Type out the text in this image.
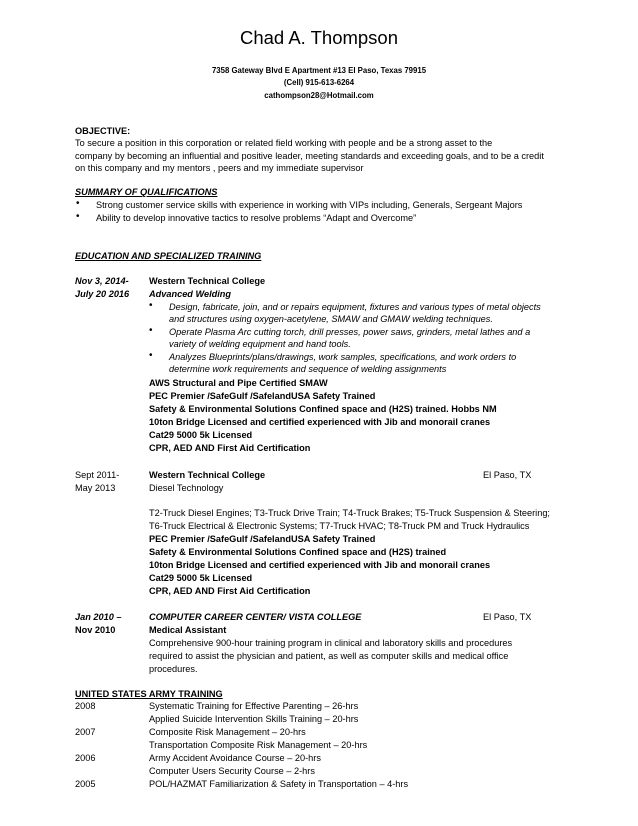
Chad A. Thompson
7358 Gateway Blvd E Apartment #13 El Paso, Texas 79915
(Cell) 915-613-6264
cathompson28@Hotmail.com
OBJECTIVE:
To secure a position in this corporation or related field working with people and be a strong asset to the
company by becoming an influential and positive leader, meeting standards and exceeding goals, and to be a credit
on this company and my mentors , peers and my immediate supervisor
SUMMARY OF QUALIFICATIONS
• Strong customer service skills with experience in working with VIPs including, Generals, Sergeant Majors
• Ability to develop innovative tactics to resolve problems “Adapt and Overcome”
EDUCATION AND SPECIALIZED TRAINING
Nov 3, 2014-
July 20 2016
Western Technical College
Advanced Welding
• Design, fabricate, join, and or repairs equipment, fixtures and various types of metal objects
and structures using oxygen-acetylene, SMAW and GMAW welding techniques.
• Operate Plasma Arc cutting torch, drill presses, power saws, grinders, metal lathes and a
variety of welding equipment and hand tools.
• Analyzes Blueprints/plans/drawings, work samples, specifications, and work orders to
determine work requirements and sequence of welding assignments
AWS Structural and Pipe Certified SMAW
PEC Premier /SafeGulf /SafelandUSA Safety Trained
Safety & Environmental Solutions Confined space and (H2S) trained. Hobbs NM
10ton Bridge Licensed and certified experienced with Jib and monorail cranes
Cat29 5000 5k Licensed
CPR, AED AND First Aid Certification
Sept 2011-
May 2013
Western Technical College	El Paso, TX
Diesel Technology
T2-Truck Diesel Engines; T3-Truck Drive Train; T4-Truck Brakes; T5-Truck Suspension & Steering;
T6-Truck Electrical & Electronic Systems; T7-Truck HVAC; T8-Truck PM and Truck Hydraulics
PEC Premier /SafeGulf /SafelandUSA Safety Trained
Safety & Environmental Solutions Confined space and (H2S) trained
10ton Bridge Licensed and certified experienced with Jib and monorail cranes
Cat29 5000 5k Licensed
CPR, AED AND First Aid Certification
Jan 2010 –
Nov 2010
COMPUTER CAREER CENTER/ VISTA COLLEGE	El Paso, TX
Medical Assistant
Comprehensive 900-hour training program in clinical and laboratory skills and procedures
required to assist the physician and patient, as well as computer skills and medical office
procedures.
UNITED STATES ARMY TRAINING
2008	Systematic Training for Effective Parenting – 26-hrs
Applied Suicide Intervention Skills Training – 20-hrs
2007	Composite Risk Management – 20-hrs
Transportation Composite Risk Management – 20-hrs
2006	Army Accident Avoidance Course – 20-hrs
Computer Users Security Course – 2-hrs
2005	POL/HAZMAT Familiarization & Safety in Transportation – 4-hrs
